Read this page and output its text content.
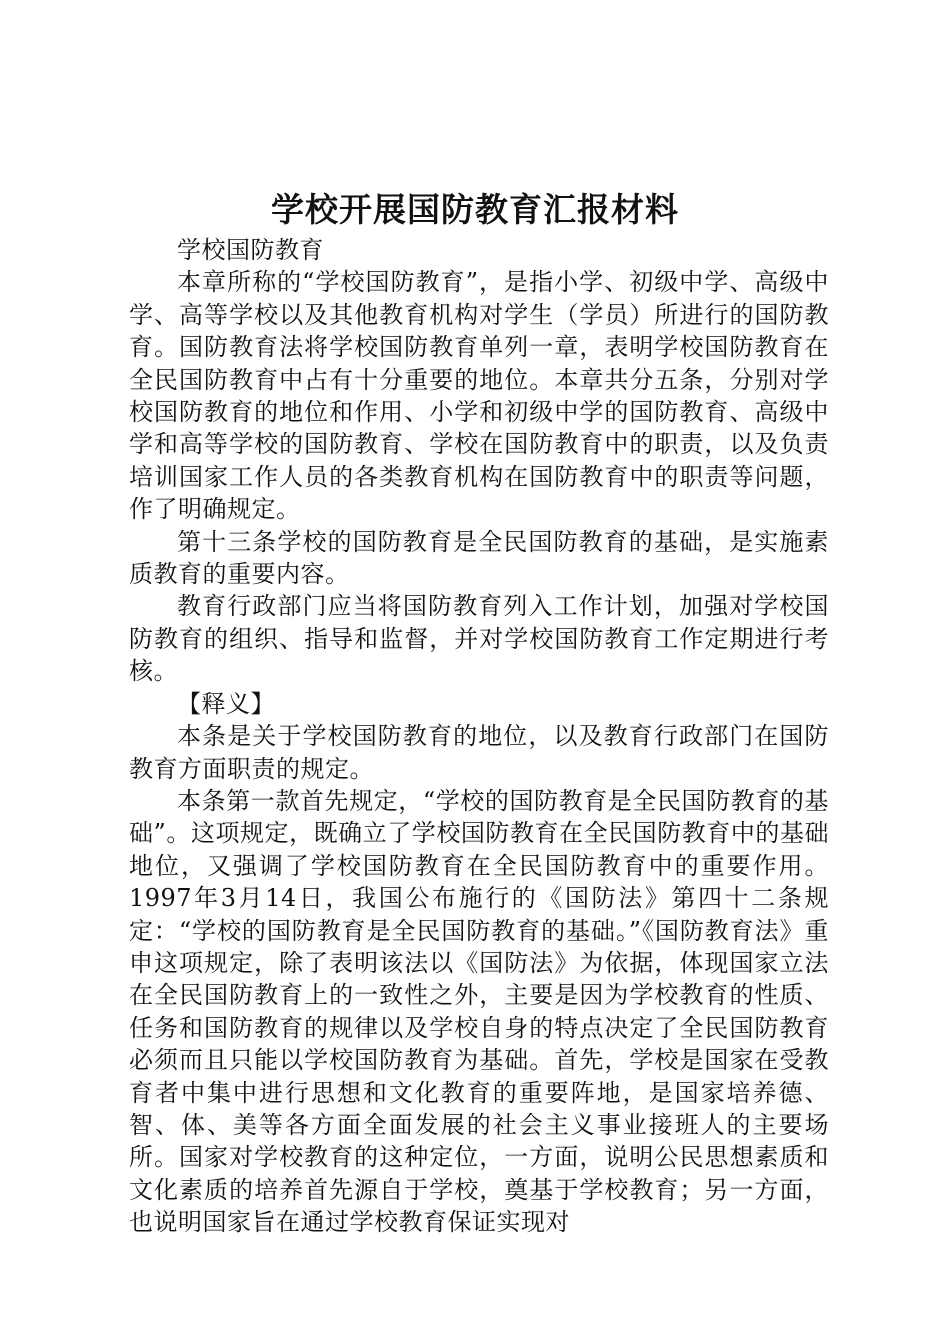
学校开展国防教育汇报材料

学校国防教育

本章所称的“学校国防教育”，是指小学、初级中学、高级中学、高等学校以及其他教育机构对学生（学员）所进行的国防教育。国防教育法将学校国防教育单列一章，表明学校国防教育在全民国防教育中占有十分重要的地位。本章共分五条，分别对学校国防教育的地位和作用、小学和初级中学的国防教育、高级中学和高等学校的国防教育、学校在国防教育中的职责，以及负责培训国家工作人员的各类教育机构在国防教育中的职责等问题，作了明确规定。

第十三条学校的国防教育是全民国防教育的基础，是实施素质教育的重要内容。

教育行政部门应当将国防教育列入工作计划，加强对学校国防教育的组织、指导和监督，并对学校国防教育工作定期进行考核。

【释义】

本条是关于学校国防教育的地位，以及教育行政部门在国防教育方面职责的规定。

本条第一款首先规定，“学校的国防教育是全民国防教育的基础”。这项规定，既确立了学校国防教育在全民国防教育中的基础地位，又强调了学校国防教育在全民国防教育中的重要作用。1997年3月14日，我国公布施行的《国防法》第四十二条规定：“学校的国防教育是全民国防教育的基础。”《国防教育法》重申这项规定，除了表明该法以《国防法》为依据，体现国家立法在全民国防教育上的一致性之外，主要是因为学校教育的性质、任务和国防教育的规律以及学校自身的特点决定了全民国防教育必须而且只能以学校国防教育为基础。首先，学校是国家在受教育者中集中进行思想和文化教育的重要阵地，是国家培养德、智、体、美等各方面全面发展的社会主义事业接班人的主要场所。国家对学校教育的这种定位，一方面，说明公民思想素质和文化素质的培养首先源自于学校，奠基于学校教育；另一方面，也说明国家旨在通过学校教育保证实现对
